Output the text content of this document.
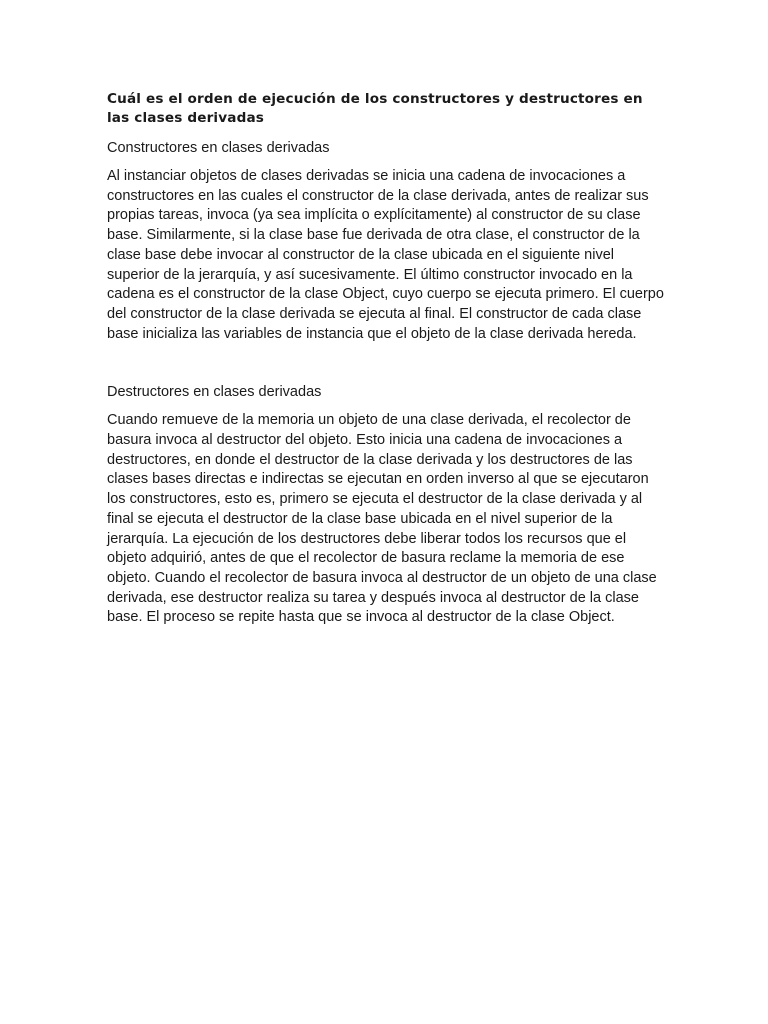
Cuál es el orden de ejecución de los constructores y destructores en las clases derivadas
Constructores en clases derivadas

Al instanciar objetos de clases derivadas se inicia una cadena de invocaciones a constructores en las cuales el constructor de la clase derivada, antes de realizar sus propias tareas, invoca (ya sea implícita o explícitamente) al constructor de su clase base. Similarmente, si la clase base fue derivada de otra clase, el constructor de la clase base debe invocar al constructor de la clase ubicada en el siguiente nivel superior de la jerarquía, y así sucesivamente. El último constructor invocado en la cadena es el constructor de la clase Object, cuyo cuerpo se ejecuta primero. El cuerpo del constructor de la clase derivada se ejecuta al final. El constructor de cada clase base inicializa las variables de instancia que el objeto de la clase derivada hereda.

Destructores en clases derivadas

Cuando remueve de la memoria un objeto de una clase derivada, el recolector de basura invoca al destructor del objeto. Esto inicia una cadena de invocaciones a destructores, en donde el destructor de la clase derivada y los destructores de las clases bases directas e indirectas se ejecutan en orden inverso al que se ejecutaron los constructores, esto es, primero se ejecuta el destructor de la clase derivada y al final se ejecuta el destructor de la clase base ubicada en el nivel superior de la jerarquía. La ejecución de los destructores debe liberar todos los recursos que el objeto adquirió, antes de que el recolector de basura reclame la memoria de ese objeto. Cuando el recolector de basura invoca al destructor de un objeto de una clase derivada, ese destructor realiza su tarea y después invoca al destructor de la clase base. El proceso se repite hasta que se invoca al destructor de la clase Object.
